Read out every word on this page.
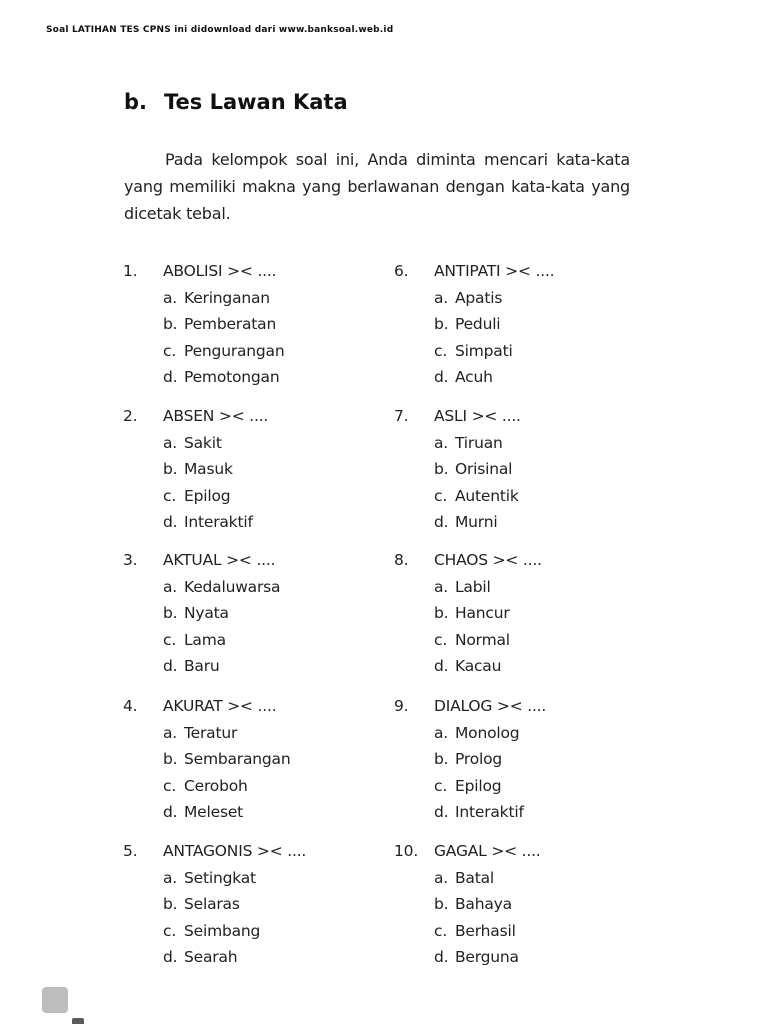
Soal LATIHAN TES CPNS ini didownload dari www.banksoal.web.id
b. Tes Lawan Kata
Pada kelompok soal ini, Anda diminta mencari kata-kata yang memiliki makna yang berlawanan dengan kata-kata yang dicetak tebal.
1. ABOLISI >< ....
a. Keringanan
b. Pemberatan
c. Pengurangan
d. Pemotongan
2. ABSEN >< ....
a. Sakit
b. Masuk
c. Epilog
d. Interaktif
3. AKTUAL >< ....
a. Kedaluwarsa
b. Nyata
c. Lama
d. Baru
4. AKURAT >< ....
a. Teratur
b. Sembarangan
c. Ceroboh
d. Meleset
5. ANTAGONIS >< ....
a. Setingkat
b. Selaras
c. Seimbang
d. Searah
6. ANTIPATI >< ....
a. Apatis
b. Peduli
c. Simpati
d. Acuh
7. ASLI >< ....
a. Tiruan
b. Orisinal
c. Autentik
d. Murni
8. CHAOS >< ....
a. Labil
b. Hancur
c. Normal
d. Kacau
9. DIALOG >< ....
a. Monolog
b. Prolog
c. Epilog
d. Interaktif
10. GAGAL >< ....
a. Batal
b. Bahaya
c. Berhasil
d. Berguna
